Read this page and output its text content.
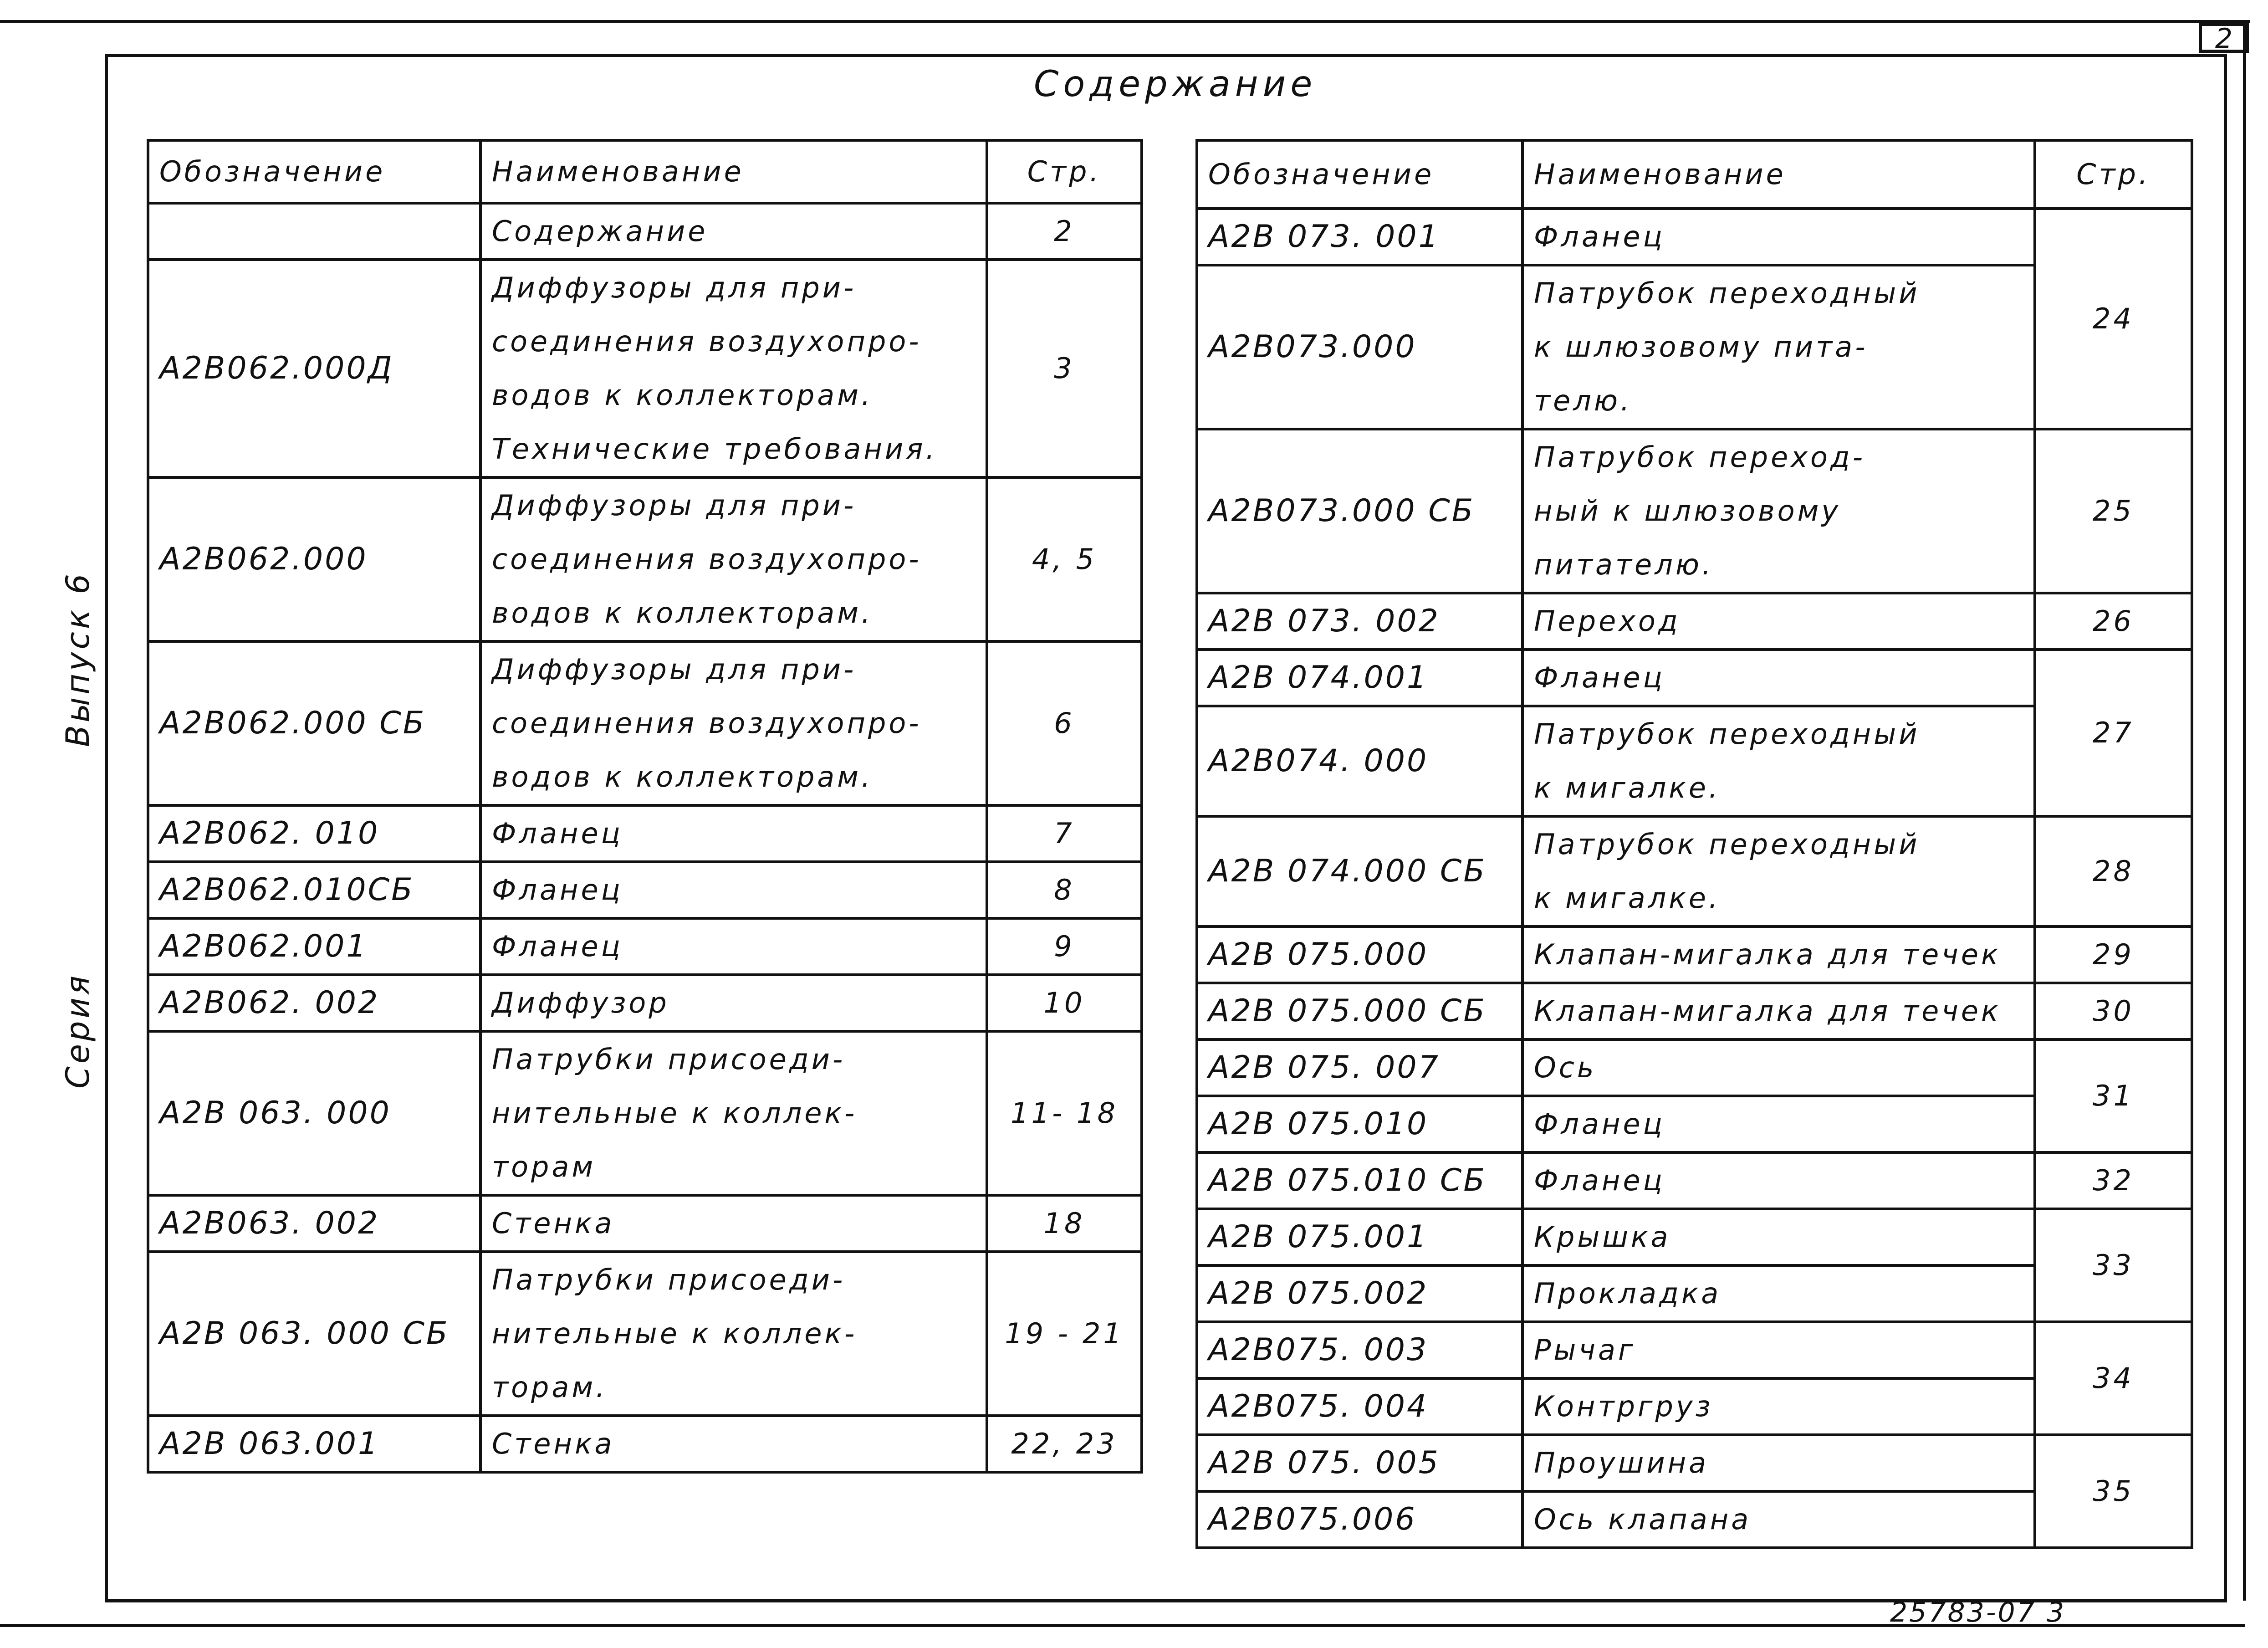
2
Содержание
Серия
Выпуск 6
25783-07 3
Обозначение	Наименование	Стр.

	Содержание	2
А2В062.000Д	Диффузоры для при-
соединения воздухопро-
водов к коллекторам.
Технические требования.	3
А2В062.000	Диффузоры для при-
соединения воздухопро-
водов к коллекторам.	4, 5
А2В062.000 СБ	Диффузоры для при-
соединения воздухопро-
водов к коллекторам.	6
А2В062. 010	Фланец	7
А2В062.010СБ	Фланец	8
А2В062.001	Фланец	9
А2В062. 002	Диффузор	10
А2В 063. 000	Патрубки присоеди-
нительные к коллек-
торам	11- 18
А2В063. 002	Стенка	18
А2В 063. 000 СБ	Патрубки присоеди-
нительные к коллек-
торам.	19 - 21
А2В 063.001	Стенка	22, 23
Обозначение	Наименование	Стр.
А2В 073. 001	Фланец	24
А2В073.000	Патрубок переходный
к шлюзовому пита-
телю.	

А2В073.000 СБ	Патрубок переход-
ный к шлюзовому
питателю.	25
А2В 073. 002	Переход	26
А2В 074.001	Фланец	27
А2В074. 000	Патрубок переходный
к мигалке.	

А2В 074.000 СБ	Патрубок переходный
к мигалке.	28
А2В 075.000	Клапан-мигалка для течек	29
А2В 075.000 СБ	Клапан-мигалка для течек	30
А2В 075. 007	Ось	31
А2В 075.010	Фланец	

А2В 075.010 СБ	Фланец	32
А2В 075.001	Крышка	33
А2В 075.002	Прокладка	

А2В075. 003	Рычаг	34
А2В075. 004	Контргруз	

А2В 075. 005	Проушина	35
А2В075.006	Ось клапана	
